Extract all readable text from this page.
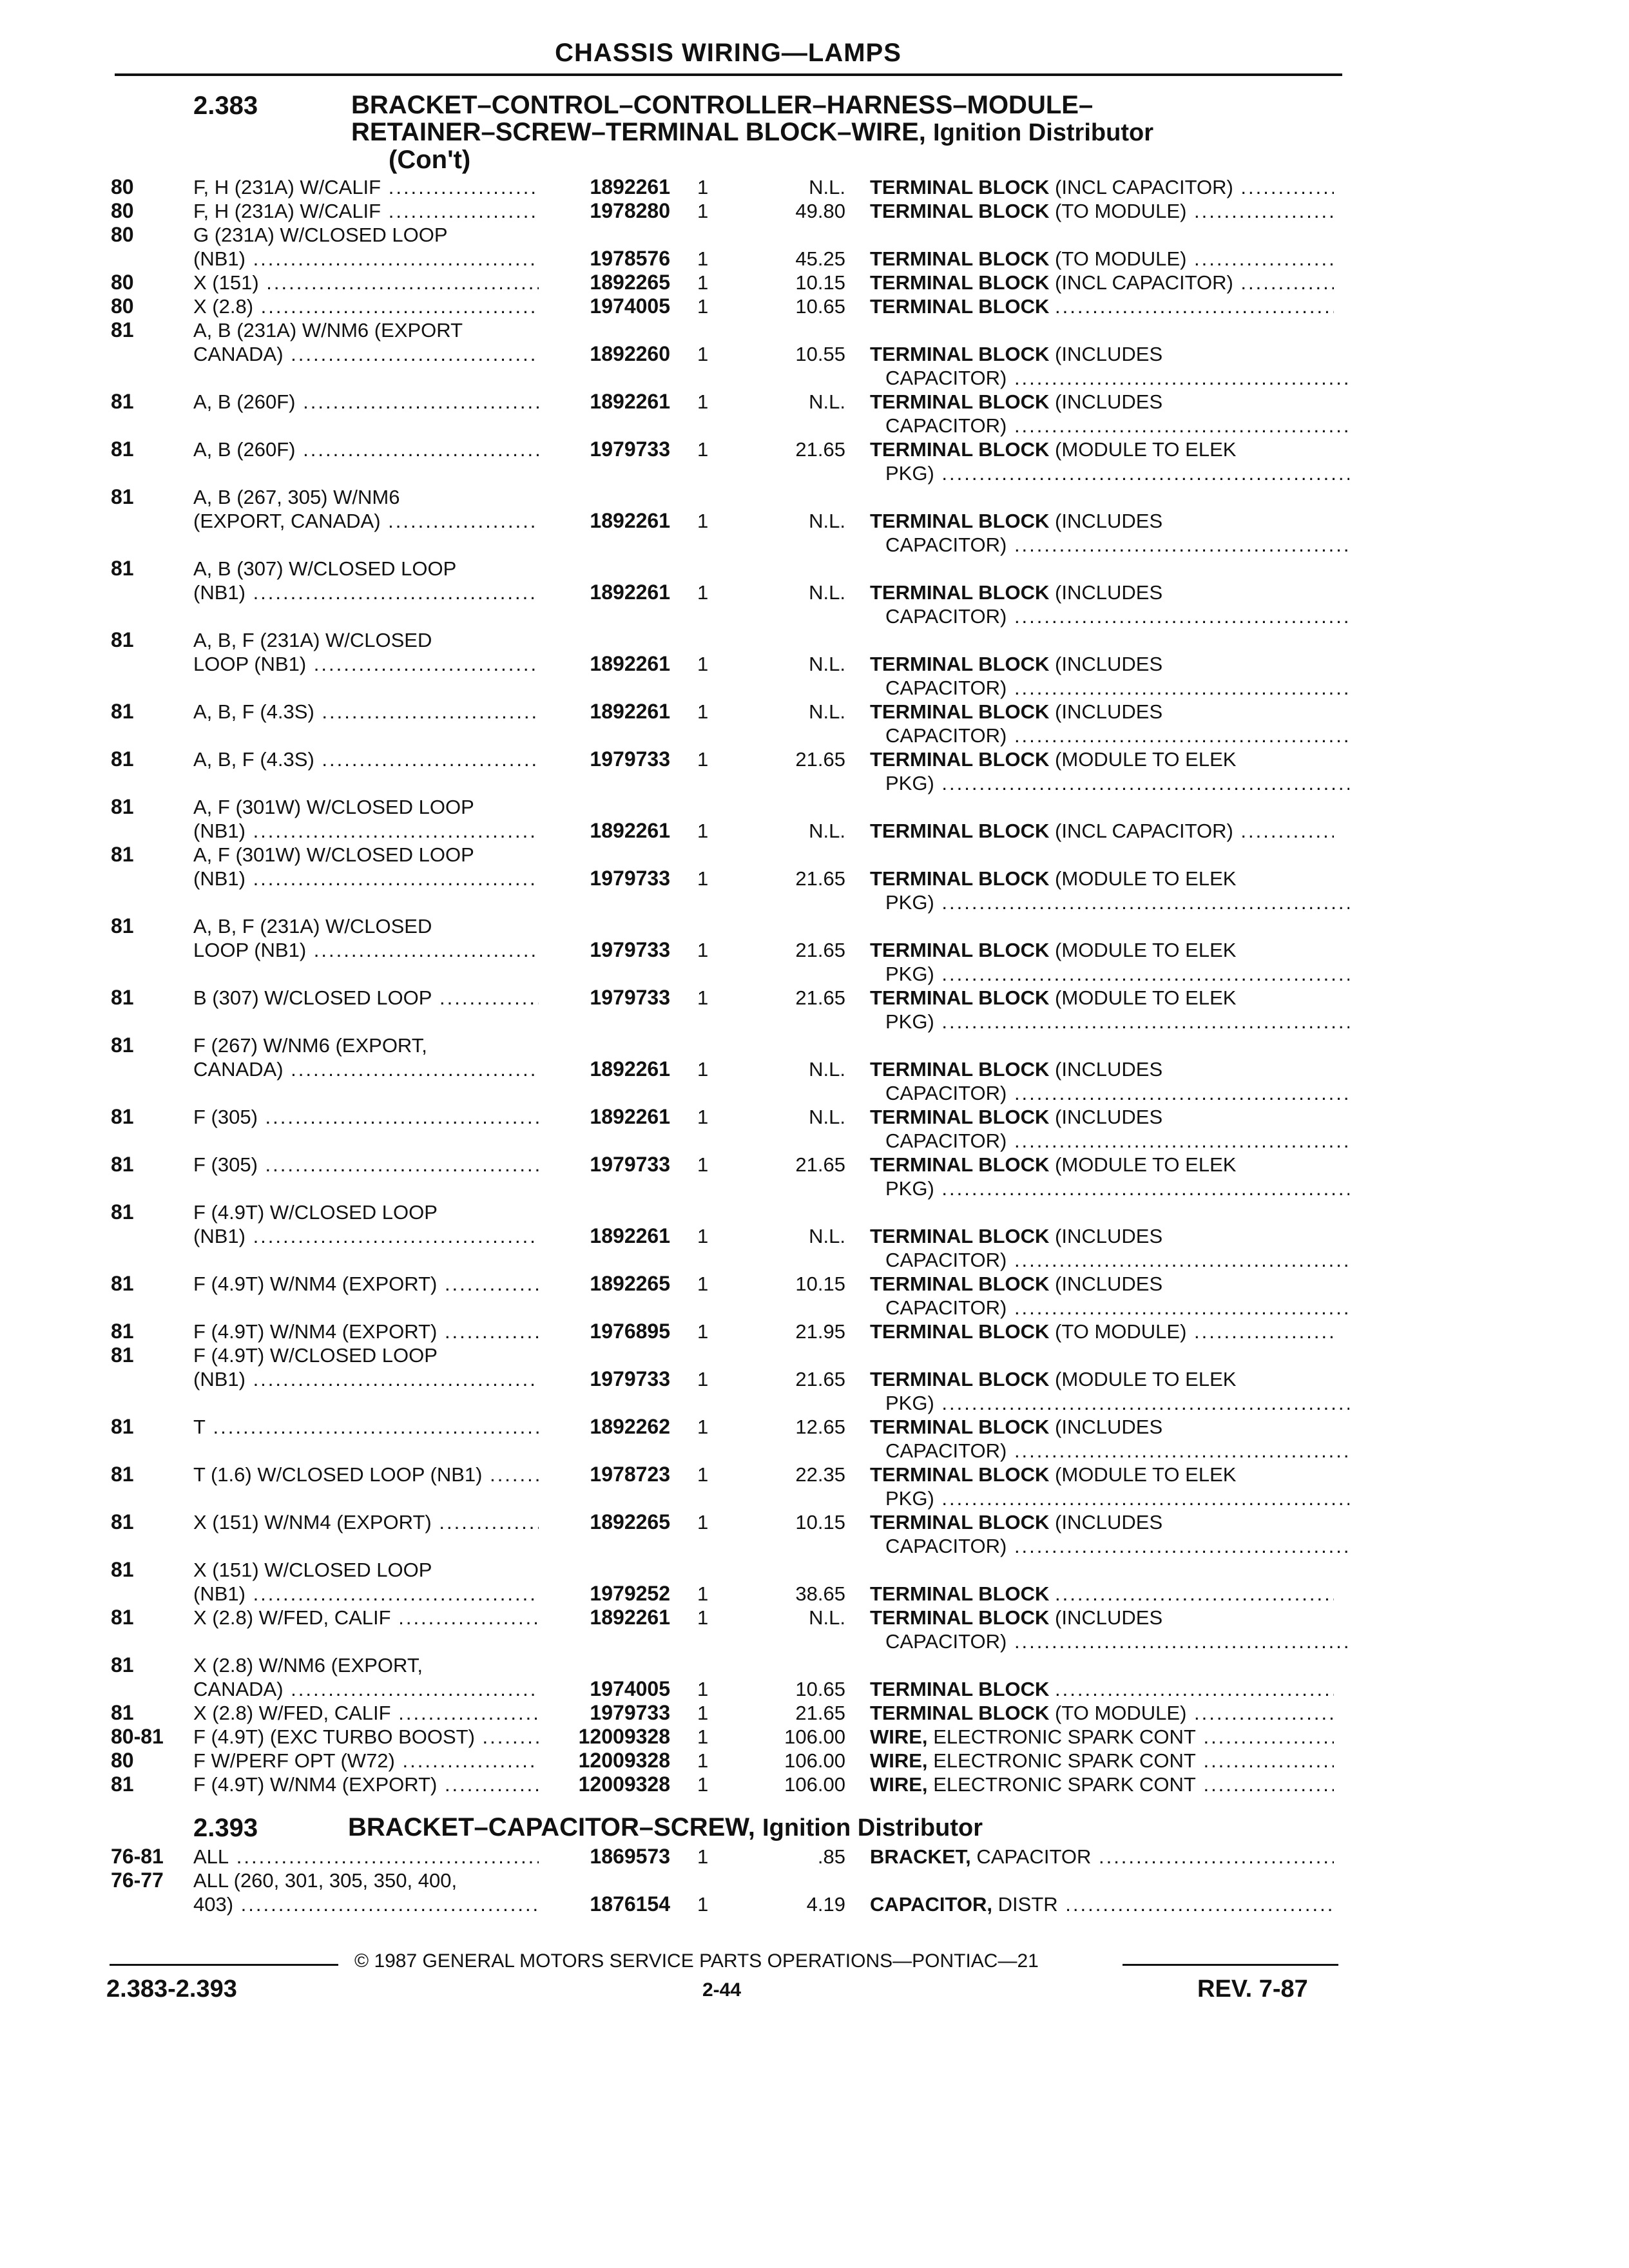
CHASSIS WIRING—LAMPS
2.383	BRACKET–CONTROL–CONTROLLER–HARNESS–MODULE–
RETAINER–SCREW–TERMINAL BLOCK–WIRE, Ignition Distributor
(Con't)
80	F, H (231A) W/CALIF .....	1892261 1	N.L. TERMINAL BLOCK (INCL CAPACITOR) .....
80	F, H (231A) W/CALIF .....	1978280 1	49.80 TERMINAL BLOCK (TO MODULE) .....
80	G (231A) W/CLOSED LOOP
(NB1) .....	1978576 1	45.25 TERMINAL BLOCK (TO MODULE) .....
80	X (151) .....	1892265 1	10.15 TERMINAL BLOCK (INCL CAPACITOR) .....
80	X (2.8) .....	1974005 1	10.65 TERMINAL BLOCK .....
81	A, B (231A) W/NM6 (EXPORT
CANADA) .....	1892260 1	10.55 TERMINAL BLOCK (INCLUDES
CAPACITOR) .....
81	A, B (260F) .....	1892261 1	N.L. TERMINAL BLOCK (INCLUDES
CAPACITOR) .....
81	A, B (260F) .....	1979733 1	21.65 TERMINAL BLOCK (MODULE TO ELEK
PKG) .....
81	A, B (267, 305) W/NM6
(EXPORT, CANADA) .....	1892261 1	N.L. TERMINAL BLOCK (INCLUDES
CAPACITOR) .....
81	A, B (307) W/CLOSED LOOP
(NB1) .....	1892261 1	N.L. TERMINAL BLOCK (INCLUDES
CAPACITOR) .....
81	A, B, F (231A) W/CLOSED
LOOP (NB1) .....	1892261 1	N.L. TERMINAL BLOCK (INCLUDES
CAPACITOR) .....
81	A, B, F (4.3S) .....	1892261 1	N.L. TERMINAL BLOCK (INCLUDES
CAPACITOR) .....
81	A, B, F (4.3S) .....	1979733 1	21.65 TERMINAL BLOCK (MODULE TO ELEK
PKG) .....
81	A, F (301W) W/CLOSED LOOP
(NB1) .....	1892261 1	N.L. TERMINAL BLOCK (INCL CAPACITOR) .....
81	A, F (301W) W/CLOSED LOOP
(NB1) .....	1979733 1	21.65 TERMINAL BLOCK (MODULE TO ELEK
PKG) .....
81	A, B, F (231A) W/CLOSED
LOOP (NB1) .....	1979733 1	21.65 TERMINAL BLOCK (MODULE TO ELEK
PKG) .....
81	B (307) W/CLOSED LOOP .....	1979733 1	21.65 TERMINAL BLOCK (MODULE TO ELEK
PKG) .....
81	F (267) W/NM6 (EXPORT,
CANADA) .....	1892261 1	N.L. TERMINAL BLOCK (INCLUDES
CAPACITOR) .....
81	F (305) .....	1892261 1	N.L. TERMINAL BLOCK (INCLUDES
CAPACITOR) .....
81	F (305) .....	1979733 1	21.65 TERMINAL BLOCK (MODULE TO ELEK
PKG) .....
81	F (4.9T) W/CLOSED LOOP
(NB1) .....	1892261 1	N.L. TERMINAL BLOCK (INCLUDES
CAPACITOR) .....
81	F (4.9T) W/NM4 (EXPORT) .....	1892265 1	10.15 TERMINAL BLOCK (INCLUDES
CAPACITOR) .....
81	F (4.9T) W/NM4 (EXPORT) .....	1976895 1	21.95 TERMINAL BLOCK (TO MODULE) .....
81	F (4.9T) W/CLOSED LOOP
(NB1) .....	1979733 1	21.65 TERMINAL BLOCK (MODULE TO ELEK
PKG) .....
81	T .....	1892262 1	12.65 TERMINAL BLOCK (INCLUDES
CAPACITOR) .....
81	T (1.6) W/CLOSED LOOP (NB1) .....	1978723 1	22.35 TERMINAL BLOCK (MODULE TO ELEK
PKG) .....
81	X (151) W/NM4 (EXPORT) .....	1892265 1	10.15 TERMINAL BLOCK (INCLUDES
CAPACITOR) .....
81	X (151) W/CLOSED LOOP
(NB1) .....	1979252 1	38.65 TERMINAL BLOCK .....
81	X (2.8) W/FED, CALIF .....	1892261 1	N.L. TERMINAL BLOCK (INCLUDES
CAPACITOR) .....
81	X (2.8) W/NM6 (EXPORT,
CANADA) .....	1974005 1	10.65 TERMINAL BLOCK .....
81	X (2.8) W/FED, CALIF .....	1979733 1	21.65 TERMINAL BLOCK (TO MODULE) .....
80-81 F (4.9T) (EXC TURBO BOOST) .....	12009328 1	106.00 WIRE, ELECTRONIC SPARK CONT .....
80	F W/PERF OPT (W72) .....	12009328 1	106.00 WIRE, ELECTRONIC SPARK CONT .....
81	F (4.9T) W/NM4 (EXPORT) .....	12009328 1	106.00 WIRE, ELECTRONIC SPARK CONT .....
2.393	BRACKET–CAPACITOR–SCREW, Ignition Distributor
76-81 ALL .....	1869573 1	.85 BRACKET, CAPACITOR .....
76-77 ALL (260, 301, 305, 350, 400,
403) .....	1876154 1	4.19 CAPACITOR, DISTR .....
© 1987 GENERAL MOTORS SERVICE PARTS OPERATIONS—PONTIAC—21
2.383-2.393	2-44	REV. 7-87
